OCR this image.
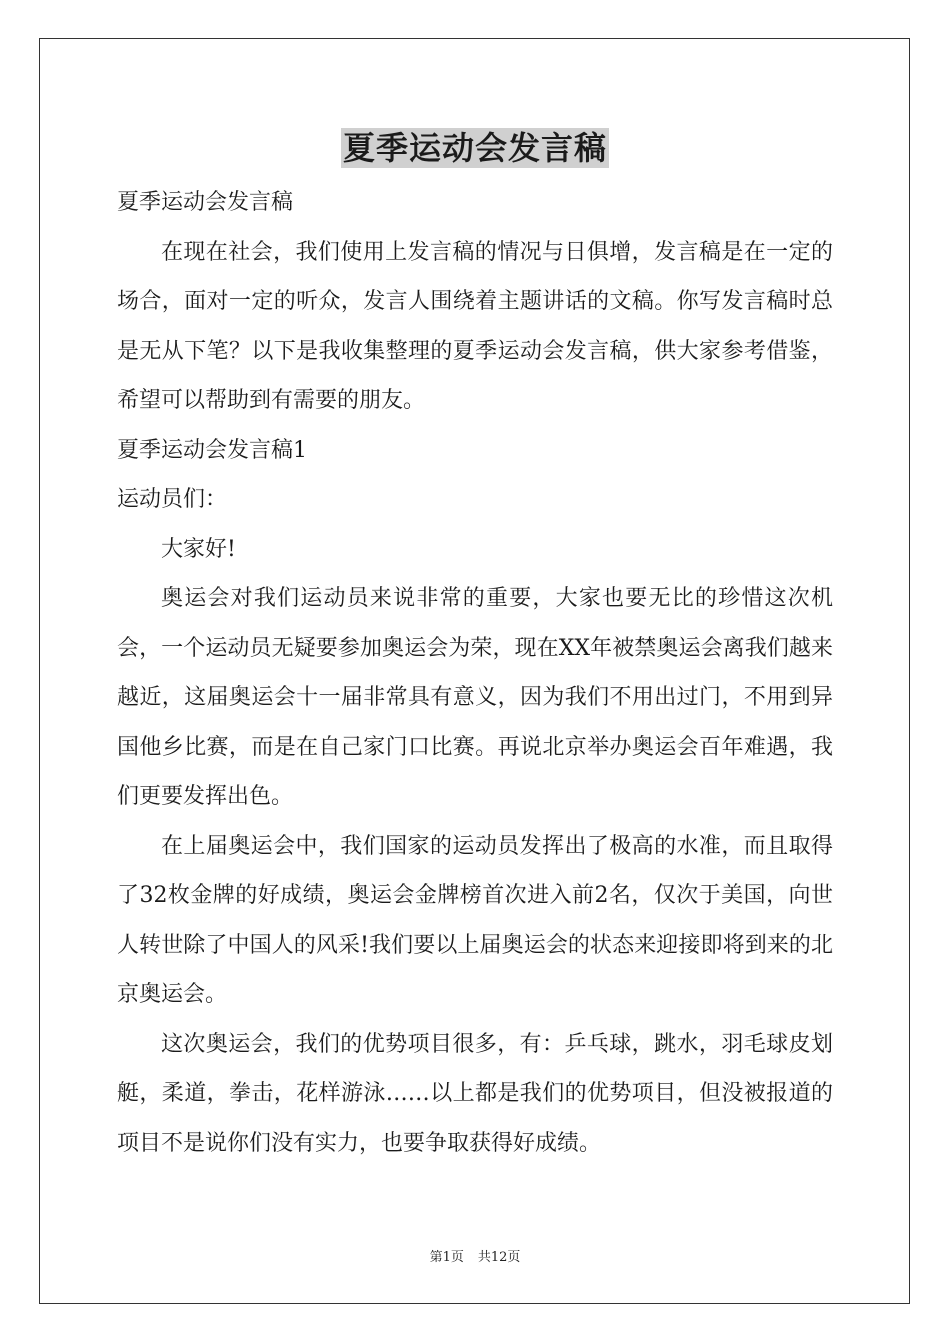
夏季运动会发言稿

夏季运动会发言稿

在现在社会，我们使用上发言稿的情况与日俱增，发言稿是在一定的场合，面对一定的听众，发言人围绕着主题讲话的文稿。你写发言稿时总是无从下笔？以下是我收集整理的夏季运动会发言稿，供大家参考借鉴，希望可以帮助到有需要的朋友。

夏季运动会发言稿1

运动员们：

大家好!

奥运会对我们运动员来说非常的重要，大家也要无比的珍惜这次机会，一个运动员无疑要参加奥运会为荣，现在XX年被禁奥运会离我们越来越近，这届奥运会十一届非常具有意义，因为我们不用出过门，不用到异国他乡比赛，而是在自己家门口比赛。再说北京举办奥运会百年难遇，我们更要发挥出色。

在上届奥运会中，我们国家的运动员发挥出了极高的水准，而且取得了32枚金牌的好成绩，奥运会金牌榜首次进入前2名，仅次于美国，向世人转世除了中国人的风采!我们要以上届奥运会的状态来迎接即将到来的北京奥运会。

这次奥运会，我们的优势项目很多，有：乒乓球，跳水，羽毛球皮划艇，柔道，拳击，花样游泳……以上都是我们的优势项目，但没被报道的项目不是说你们没有实力，也要争取获得好成绩。

第1页 共12页
